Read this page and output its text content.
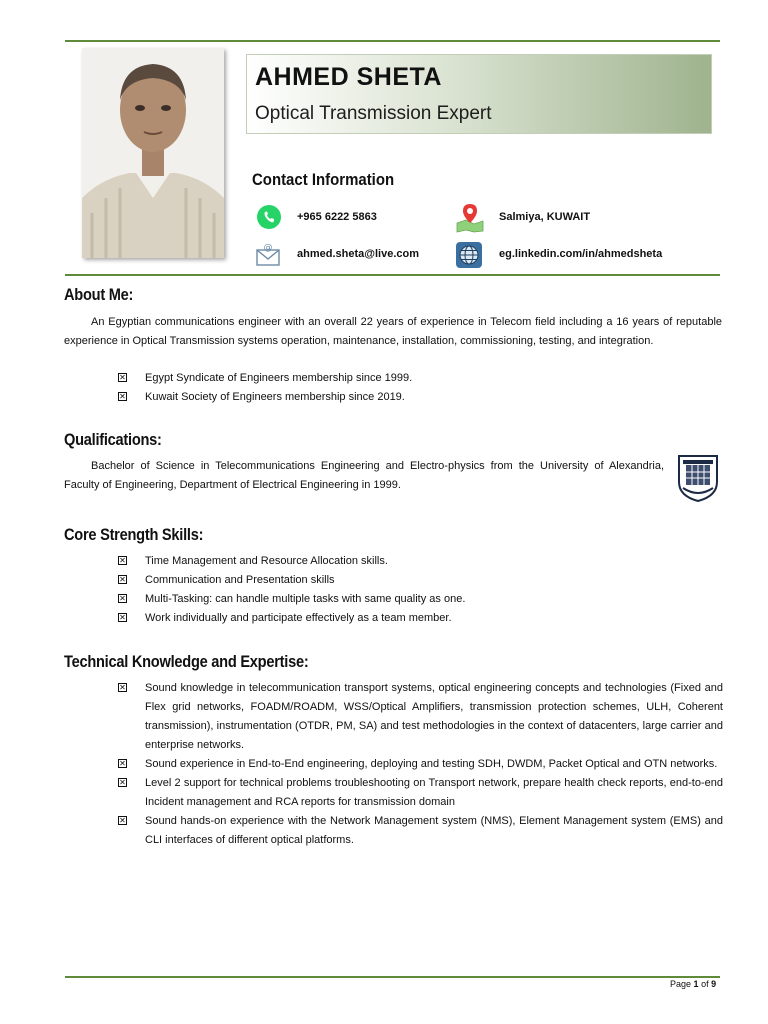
AHMED SHETA
Optical Transmission Expert
Contact Information
+965 6222 5863	Salmiya, KUWAIT
@ ahmed.sheta@live.com	eg.linkedin.com/in/ahmedsheta
About Me:
An Egyptian communications engineer with an overall 22 years of experience in Telecom field including a 16 years of reputable experience in Optical Transmission systems operation, maintenance, installation, commissioning, testing, and integration.
✕ Egypt Syndicate of Engineers membership since 1999.
✕ Kuwait Society of Engineers membership since 2019.
Qualifications:
Bachelor of Science in Telecommunications Engineering and Electro-physics from the University of Alexandria, Faculty of Engineering, Department of Electrical Engineering in 1999.
Core Strength Skills:
✕ Time Management and Resource Allocation skills.
✕ Communication and Presentation skills
✕ Multi-Tasking: can handle multiple tasks with same quality as one.
✕ Work individually and participate effectively as a team member.
Technical Knowledge and Expertise:
✕ Sound knowledge in telecommunication transport systems, optical engineering concepts and technologies (Fixed and Flex grid networks, FOADM/ROADM, WSS/Optical Amplifiers, transmission protection schemes, ULH, Coherent transmission), instrumentation (OTDR, PM, SA) and test methodologies in the context of datacenters, large carrier and enterprise networks.
✕ Sound experience in End-to-End engineering, deploying and testing SDH, DWDM, Packet Optical and OTN networks.
✕ Level 2 support for technical problems troubleshooting on Transport network, prepare health check reports, end-to-end Incident management and RCA reports for transmission domain
✕ Sound hands-on experience with the Network Management system (NMS), Element Management system (EMS) and CLI interfaces of different optical platforms.
Page 1 of 9
